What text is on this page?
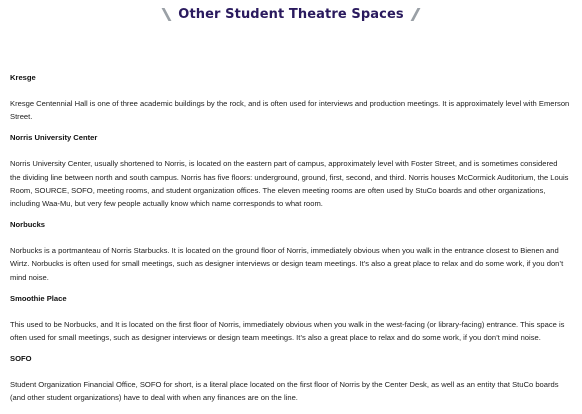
Other Student Theatre Spaces

Kresge

Kresge Centennial Hall is one of three academic buildings by the rock, and is often used for interviews and production meetings. It is approximately level with Emerson Street.

Norris University Center

Norris University Center, usually shortened to Norris, is located on the eastern part of campus, approximately level with Foster Street, and is sometimes considered the dividing line between north and south campus. Norris has five floors: underground, ground, first, second, and third. Norris houses McCormick Auditorium, the Louis Room, SOURCE, SOFO, meeting rooms, and student organization offices. The eleven meeting rooms are often used by StuCo boards and other organizations, including Waa-Mu, but very few people actually know which name corresponds to what room.

Norbucks

Norbucks is a portmanteau of Norris Starbucks. It is located on the ground floor of Norris, immediately obvious when you walk in the entrance closest to Bienen and Wirtz. Norbucks is often used for small meetings, such as designer interviews or design team meetings. It’s also a great place to relax and do some work, if you don’t mind noise.

Smoothie Place

This used to be Norbucks, and It is located on the first floor of Norris, immediately obvious when you walk in the west-facing (or library-facing) entrance. This space is often used for small meetings, such as designer interviews or design team meetings. It’s also a great place to relax and do some work, if you don’t mind noise.

SOFO

Student Organization Financial Office, SOFO for short, is a literal place located on the first floor of Norris by the Center Desk, as well as an entity that StuCo boards (and other student organizations) have to deal with when any finances are on the line.
